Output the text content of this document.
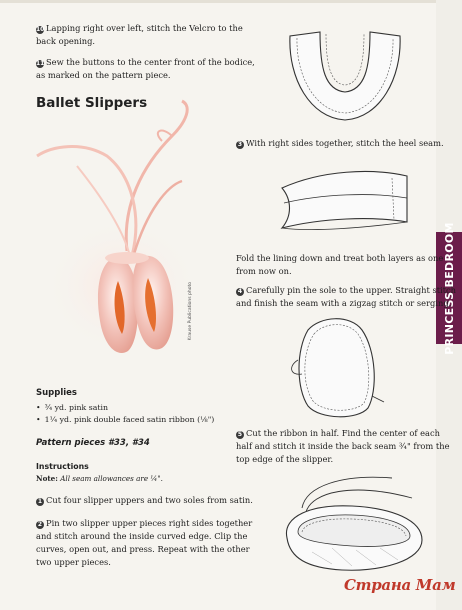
PRINCESS BEDROOM
10 Lapping right over left, stitch the Velcro to the
back opening.
11 Sew the buttons to the center front of the bodice,
as marked on the pattern piece.
Krause Publications photo
Ballet Slippers
Supplies
• ¾ yd. pink satin
• 1¼ yd. pink double faced satin ribbon (⅛")
Pattern pieces #33, #34
Instructions
Note: All seam allowances are ¼".
1 Cut four slipper uppers and two soles from satin.
2 Pin two slipper upper pieces right sides together
and stitch around the inside curved edge. Clip the
curves, open out, and press. Repeat with the other
two upper pieces.
3 With right sides together, stitch the heel seam.
Fold the lining down and treat both layers as one
from now on.
4 Carefully pin the sole to the upper. Straight stitch
and finish the seam with a zigzag stitch or serging.
5 Cut the ribbon in half. Find the center of each
half and stitch it inside the back seam ¾" from the
top edge of the slipper.
Страна Мам
